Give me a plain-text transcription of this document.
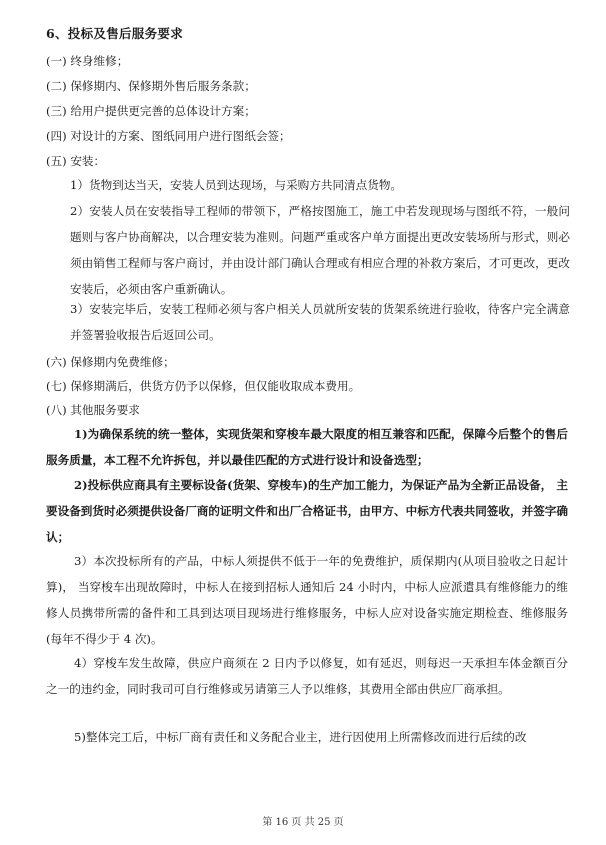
6、投标及售后服务要求
(一) 终身维修；
(二) 保修期内、保修期外售后服务条款；
(三) 给用户提供更完善的总体设计方案；
(四) 对设计的方案、图纸同用户进行图纸会签；
(五) 安装：
1）货物到达当天，安装人员到达现场，与采购方共同清点货物。
2）安装人员在安装指导工程师的带领下，严格按图施工，施工中若发现现场与图纸不符，一般问题则与客户协商解决，以合理安装为准则。问题严重或客户单方面提出更改安装场所与形式，则必须由销售工程师与客户商讨，并由设计部门确认合理或有相应合理的补救方案后，才可更改，更改安装后，必须由客户重新确认。
3）安装完毕后，安装工程师必须与客户相关人员就所安装的货架系统进行验收，待客户完全满意并签署验收报告后返回公司。
(六) 保修期内免费维修；
(七) 保修期满后，供货方仍予以保修，但仅能收取成本费用。
(八) 其他服务要求
1)为确保系统的统一整体，实现货架和穿梭车最大限度的相互兼容和匹配，保障今后整个的售后服务质量，本工程不允许拆包，并以最佳匹配的方式进行设计和设备选型；
2)投标供应商具有主要标设备(货架、穿梭车)的生产加工能力，为保证产品为全新正品设备， 主要设备到货时必须提供设备厂商的证明文件和出厂合格证书，由甲方、中标方代表共同签收，并签字确认；
3）本次投标所有的产品，中标人须提供不低于一年的免费维护，质保期内(从项目验收之日起计算)， 当穿梭车出现故障时，中标人在接到招标人通知后 24 小时内，中标人应派遣具有维修能力的维修人员携带所需的备件和工具到达项目现场进行维修服务，中标人应对设备实施定期检查、维修服务(每年不得少于 4 次)。
4）穿梭车发生故障，供应户商须在 2 日内予以修复，如有延迟，则每迟一天承担车体金额百分之一的违约金，同时我司可自行维修或另请第三人予以维修，其费用全部由供应厂商承担。
5)整体完工后，中标厂商有责任和义务配合业主，进行因使用上所需修改而进行后续的改
第 16 页 共 25 页
